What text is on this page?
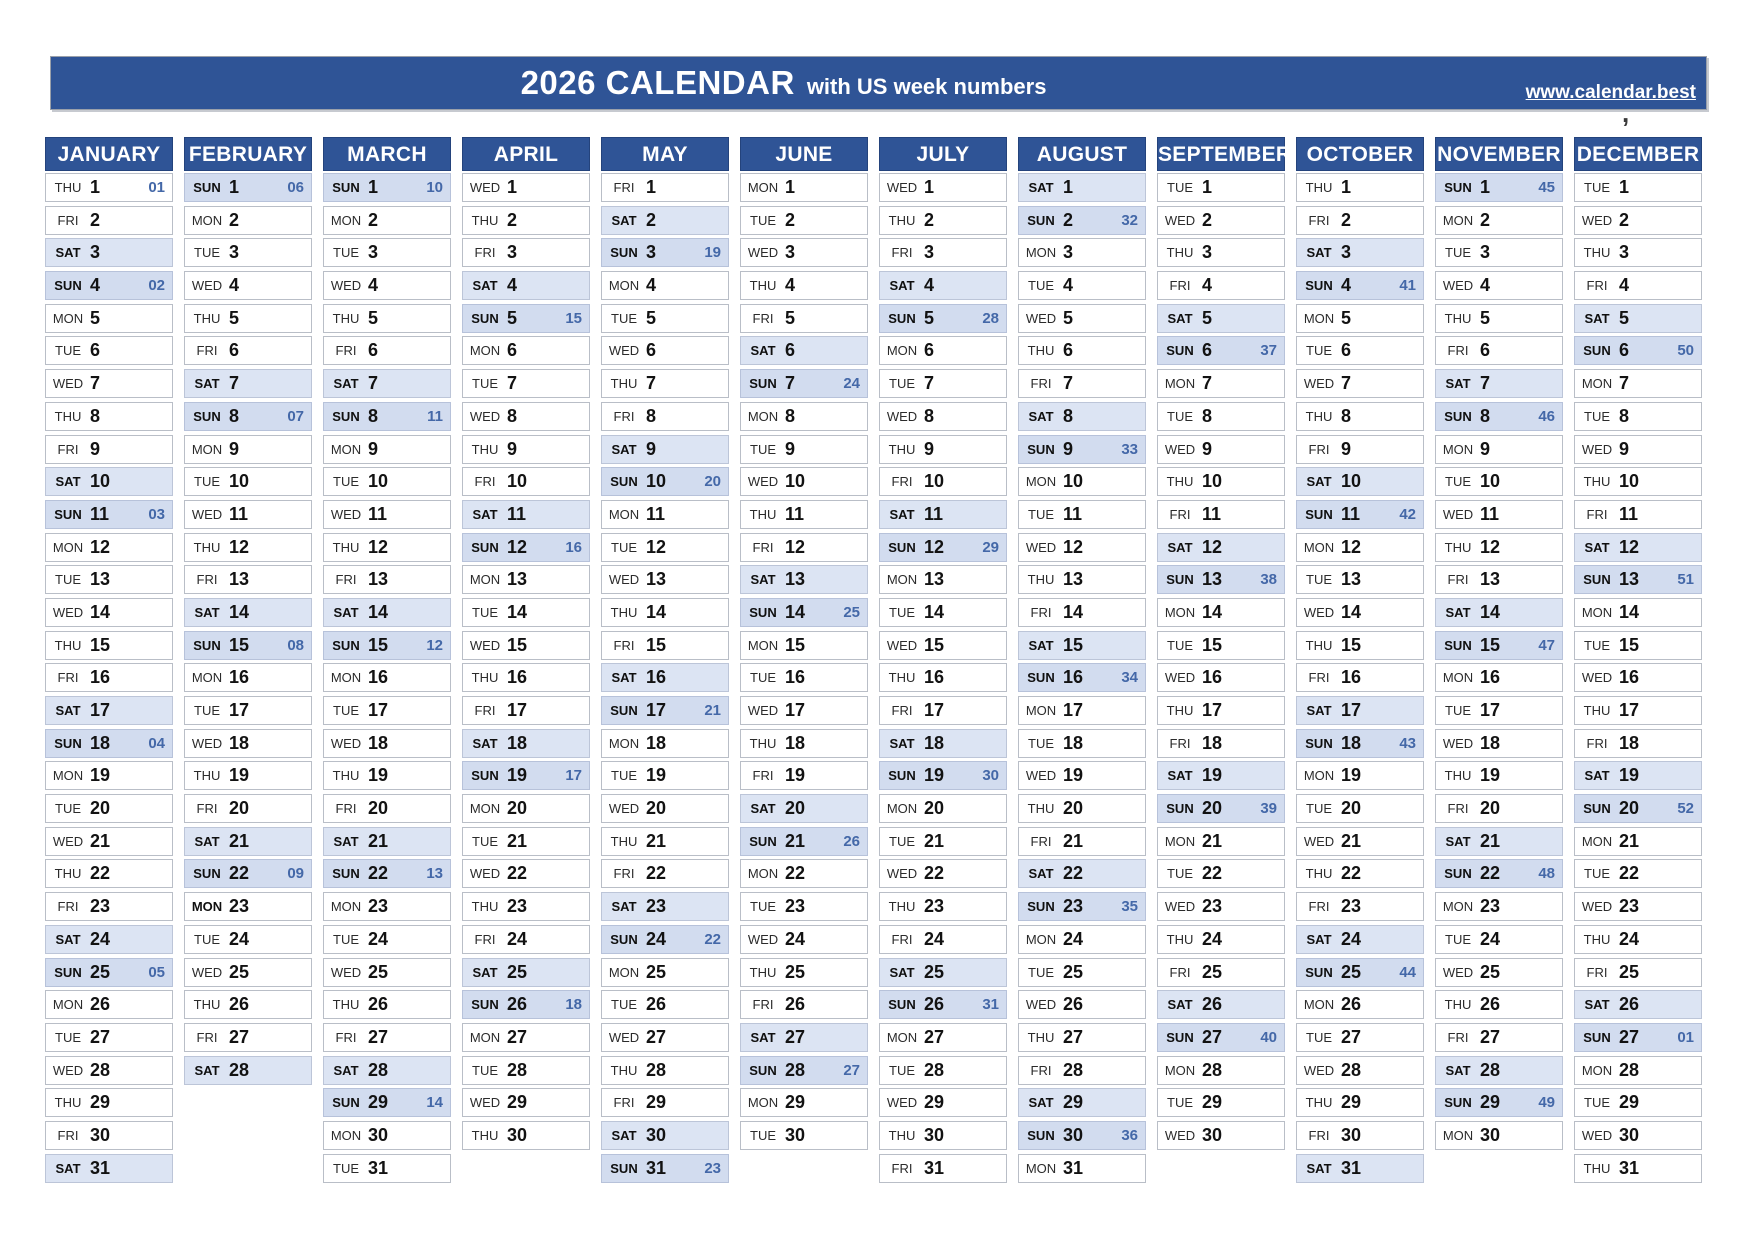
2026 CALENDAR with US week numbers	www.calendar.best
,
JANUARY
THU 1	01
FRI 2
SAT 3
SUN 4	02
MON 5
TUE 6
WED 7
THU 8
FRI 9
SAT 10
SUN 11	03
MON 12
TUE 13
WED 14
THU 15
FRI 16
SAT 17
SUN 18	04
MON 19
TUE 20
WED 21
THU 22
FRI 23
SAT 24
SUN 25	05
MON 26
TUE 27
WED 28
THU 29
FRI 30
SAT 31
FEBRUARY
SUN 1	06
MON 2
TUE 3
WED 4
THU 5
FRI 6
SAT 7
SUN 8	07
MON 9
TUE 10
WED 11
THU 12
FRI 13
SAT 14
SUN 15	08
MON 16
TUE 17
WED 18
THU 19
FRI 20
SAT 21
SUN 22	09
MON 23
TUE 24
WED 25
THU 26
FRI 27
SAT 28
MARCH
SUN 1	10
MON 2
TUE 3
WED 4
THU 5
FRI 6
SAT 7
SUN 8	11
MON 9
TUE 10
WED 11
THU 12
FRI 13
SAT 14
SUN 15	12
MON 16
TUE 17
WED 18
THU 19
FRI 20
SAT 21
SUN 22	13
MON 23
TUE 24
WED 25
THU 26
FRI 27
SAT 28
SUN 29	14
MON 30
TUE 31
APRIL
WED 1
THU 2
FRI 3
SAT 4
SUN 5	15
MON 6
TUE 7
WED 8
THU 9
FRI 10
SAT 11
SUN 12	16
MON 13
TUE 14
WED 15
THU 16
FRI 17
SAT 18
SUN 19	17
MON 20
TUE 21
WED 22
THU 23
FRI 24
SAT 25
SUN 26	18
MON 27
TUE 28
WED 29
THU 30
MAY
FRI 1
SAT 2
SUN 3	19
MON 4
TUE 5
WED 6
THU 7
FRI 8
SAT 9
SUN 10	20
MON 11
TUE 12
WED 13
THU 14
FRI 15
SAT 16
SUN 17	21
MON 18
TUE 19
WED 20
THU 21
FRI 22
SAT 23
SUN 24	22
MON 25
TUE 26
WED 27
THU 28
FRI 29
SAT 30
SUN 31	23
JUNE
MON 1
TUE 2
WED 3
THU 4
FRI 5
SAT 6
SUN 7	24
MON 8
TUE 9
WED 10
THU 11
FRI 12
SAT 13
SUN 14	25
MON 15
TUE 16
WED 17
THU 18
FRI 19
SAT 20
SUN 21	26
MON 22
TUE 23
WED 24
THU 25
FRI 26
SAT 27
SUN 28	27
MON 29
TUE 30
JULY
WED 1
THU 2
FRI 3
SAT 4
SUN 5	28
MON 6
TUE 7
WED 8
THU 9
FRI 10
SAT 11
SUN 12	29
MON 13
TUE 14
WED 15
THU 16
FRI 17
SAT 18
SUN 19	30
MON 20
TUE 21
WED 22
THU 23
FRI 24
SAT 25
SUN 26	31
MON 27
TUE 28
WED 29
THU 30
FRI 31
AUGUST
SAT 1
SUN 2	32
MON 3
TUE 4
WED 5
THU 6
FRI 7
SAT 8
SUN 9	33
MON 10
TUE 11
WED 12
THU 13
FRI 14
SAT 15
SUN 16	34
MON 17
TUE 18
WED 19
THU 20
FRI 21
SAT 22
SUN 23	35
MON 24
TUE 25
WED 26
THU 27
FRI 28
SAT 29
SUN 30	36
MON 31
SEPTEMBER
TUE 1
WED 2
THU 3
FRI 4
SAT 5
SUN 6	37
MON 7
TUE 8
WED 9
THU 10
FRI 11
SAT 12
SUN 13	38
MON 14
TUE 15
WED 16
THU 17
FRI 18
SAT 19
SUN 20	39
MON 21
TUE 22
WED 23
THU 24
FRI 25
SAT 26
SUN 27	40
MON 28
TUE 29
WED 30
OCTOBER
THU 1
FRI 2
SAT 3
SUN 4	41
MON 5
TUE 6
WED 7
THU 8
FRI 9
SAT 10
SUN 11	42
MON 12
TUE 13
WED 14
THU 15
FRI 16
SAT 17
SUN 18	43
MON 19
TUE 20
WED 21
THU 22
FRI 23
SAT 24
SUN 25	44
MON 26
TUE 27
WED 28
THU 29
FRI 30
SAT 31
NOVEMBER
SUN 1	45
MON 2
TUE 3
WED 4
THU 5
FRI 6
SAT 7
SUN 8	46
MON 9
TUE 10
WED 11
THU 12
FRI 13
SAT 14
SUN 15	47
MON 16
TUE 17
WED 18
THU 19
FRI 20
SAT 21
SUN 22	48
MON 23
TUE 24
WED 25
THU 26
FRI 27
SAT 28
SUN 29	49
MON 30
DECEMBER
TUE 1
WED 2
THU 3
FRI 4
SAT 5
SUN 6	50
MON 7
TUE 8
WED 9
THU 10
FRI 11
SAT 12
SUN 13	51
MON 14
TUE 15
WED 16
THU 17
FRI 18
SAT 19
SUN 20	52
MON 21
TUE 22
WED 23
THU 24
FRI 25
SAT 26
SUN 27	01
MON 28
TUE 29
WED 30
THU 31
